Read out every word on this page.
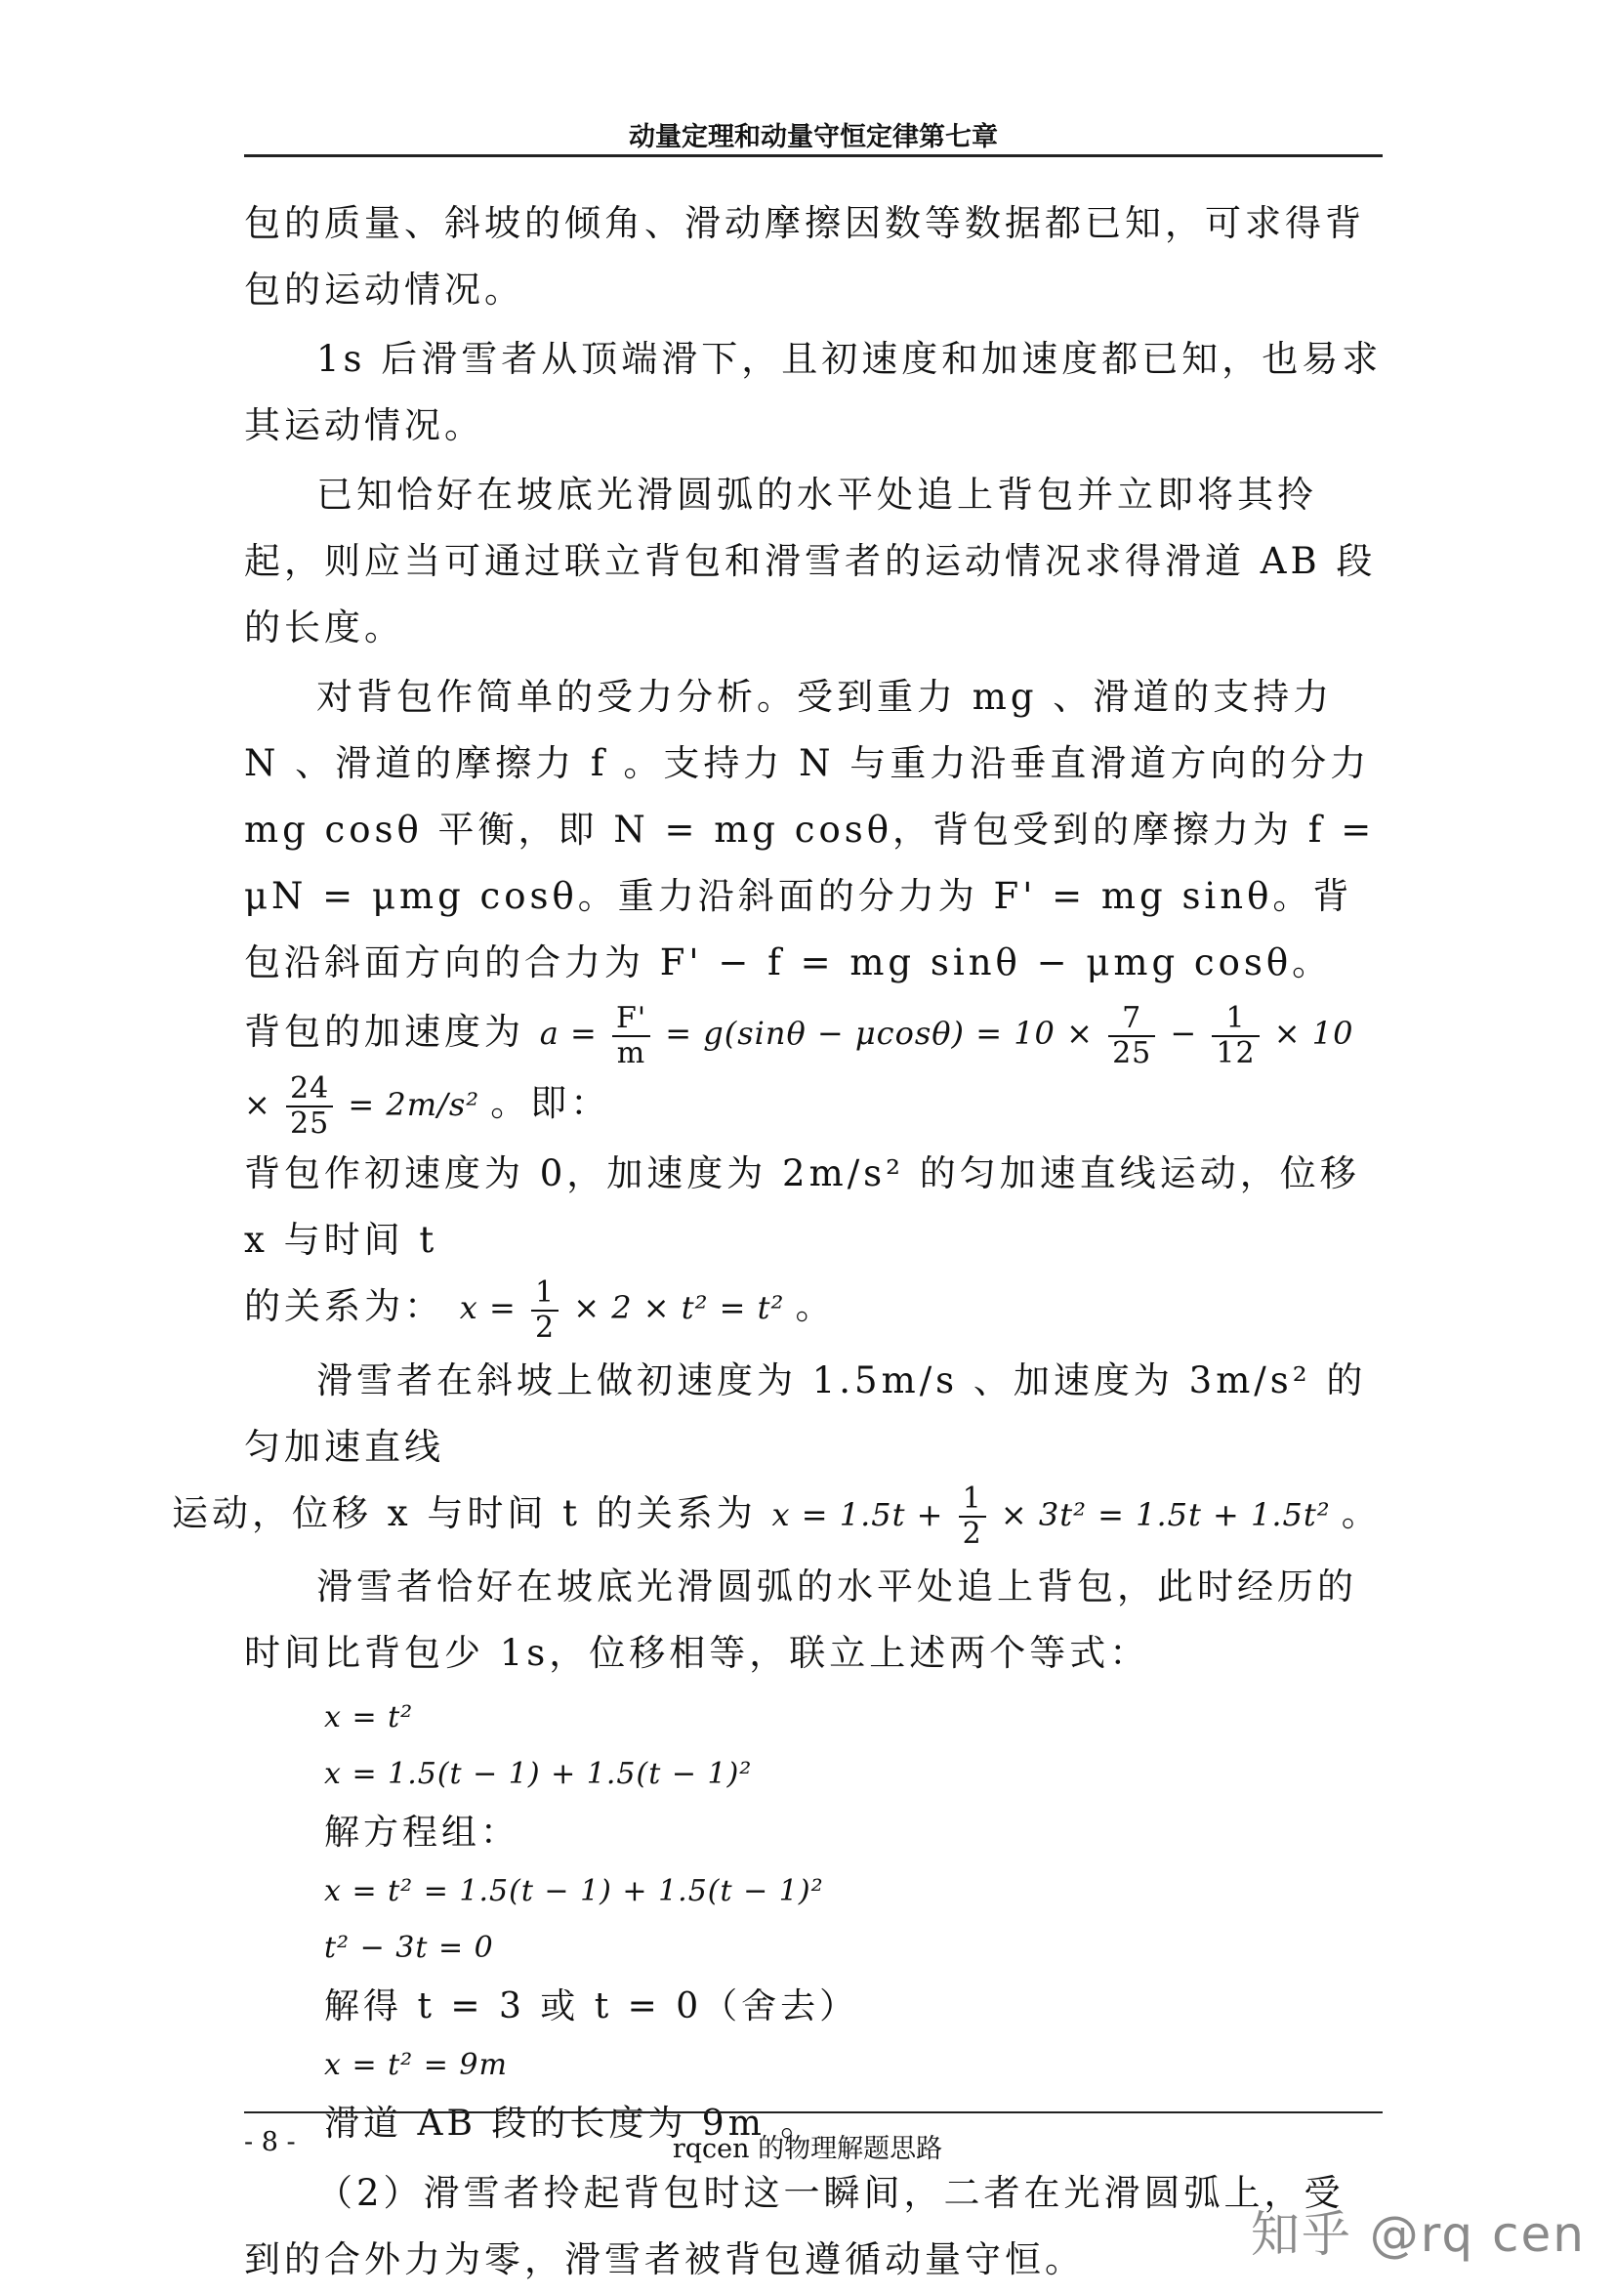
动量定理和动量守恒定律第七章

包的质量、斜坡的倾角、滑动摩擦因数等数据都已知，可求得背包的运动情况。

1s 后滑雪者从顶端滑下，且初速度和加速度都已知，也易求其运动情况。

已知恰好在坡底光滑圆弧的水平处追上背包并立即将其拎起，则应当可通过联立背包和滑雪者的运动情况求得滑道 AB 段的长度。

对背包作简单的受力分析。受到重力 mg 、滑道的支持力 N 、滑道的摩擦力 f 。支持力 N 与重力沿垂直滑道方向的分力 mg cosθ 平衡，即 N = mg cosθ，背包受到的摩擦力为 f = μN = μmg cosθ。重力沿斜面的分力为 F' = mg sinθ。背包沿斜面方向的合力为 F' − f = mg sinθ − μmg cosθ。

背包的加速度为 $a = \frac{F'}{m} = g(\sin\theta - \mu\cos\theta) = 10 \times \frac{7}{25} - \frac{1}{12} \times 10 \times \frac{24}{25} = 2m/s^2$ 。即：
背包作初速度为 0，加速度为 2m/s² 的匀加速直线运动，位移 x 与时间 t
的关系为： $x = \frac{1}{2} \times 2 \times t^2 = t^2$ 。

滑雪者在斜坡上做初速度为 1.5m/s 、加速度为 3m/s² 的匀加速直线
运动，位移 x 与时间 t 的关系为 $x = 1.5t + \frac{1}{2} \times 3t^2 = 1.5t + 1.5t^2$ 。

滑雪者恰好在坡底光滑圆弧的水平处追上背包，此时经历的时间比背包少 1s，位移相等，联立上述两个等式：

x = t²
x = 1.5(t − 1) + 1.5(t − 1)²
解方程组：
x = t² = 1.5(t − 1) + 1.5(t − 1)²
t² − 3t = 0
解得 t = 3 或 t = 0（舍去）
x = t² = 9m
滑道 AB 段的长度为 9m 。

（2）滑雪者拎起背包时这一瞬间，二者在光滑圆弧上，受到的合外力为零，滑雪者被背包遵循动量守恒。

- 8 -	rqcen 的物理解题思路
知乎 @rq cen
